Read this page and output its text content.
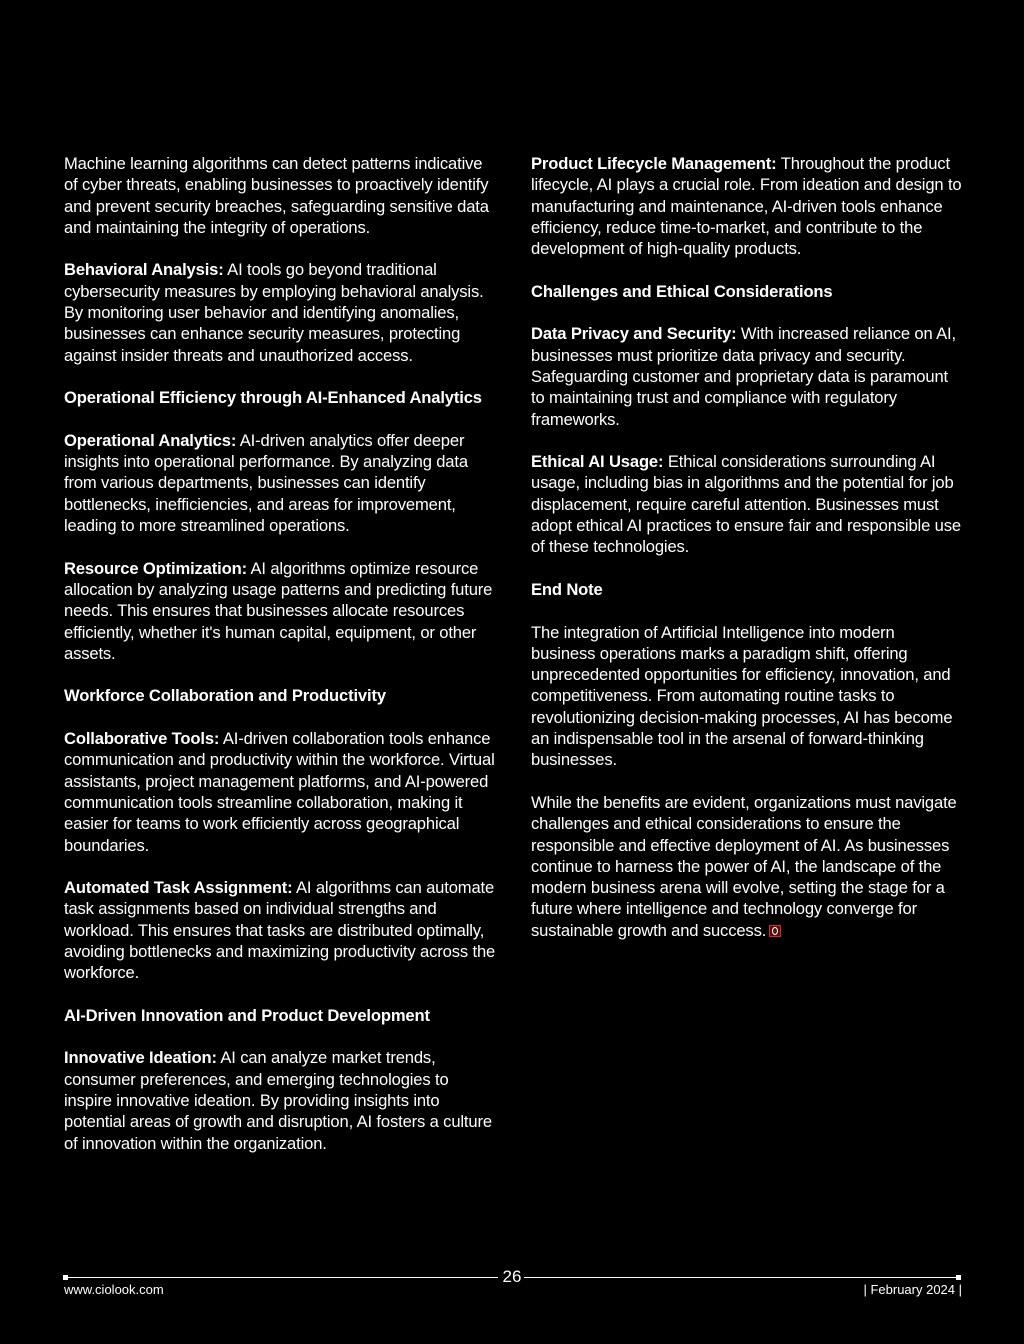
Machine learning algorithms can detect patterns indicative of cyber threats, enabling businesses to proactively identify and prevent security breaches, safeguarding sensitive data and maintaining the integrity of operations.

Behavioral Analysis: AI tools go beyond traditional cybersecurity measures by employing behavioral analysis. By monitoring user behavior and identifying anomalies, businesses can enhance security measures, protecting against insider threats and unauthorized access.

Operational Efficiency through AI-Enhanced Analytics

Operational Analytics: AI-driven analytics offer deeper insights into operational performance. By analyzing data from various departments, businesses can identify bottlenecks, inefficiencies, and areas for improvement, leading to more streamlined operations.

Resource Optimization: AI algorithms optimize resource allocation by analyzing usage patterns and predicting future needs. This ensures that businesses allocate resources efficiently, whether it's human capital, equipment, or other assets.

Workforce Collaboration and Productivity

Collaborative Tools: AI-driven collaboration tools enhance communication and productivity within the workforce. Virtual assistants, project management platforms, and AI-powered communication tools streamline collaboration, making it easier for teams to work efficiently across geographical boundaries.

Automated Task Assignment: AI algorithms can automate task assignments based on individual strengths and workload. This ensures that tasks are distributed optimally, avoiding bottlenecks and maximizing productivity across the workforce.

AI-Driven Innovation and Product Development

Innovative Ideation: AI can analyze market trends, consumer preferences, and emerging technologies to inspire innovative ideation. By providing insights into potential areas of growth and disruption, AI fosters a culture of innovation within the organization.

Product Lifecycle Management: Throughout the product lifecycle, AI plays a crucial role. From ideation and design to manufacturing and maintenance, AI-driven tools enhance efficiency, reduce time-to-market, and contribute to the development of high-quality products.

Challenges and Ethical Considerations

Data Privacy and Security: With increased reliance on AI, businesses must prioritize data privacy and security. Safeguarding customer and proprietary data is paramount to maintaining trust and compliance with regulatory frameworks.

Ethical AI Usage: Ethical considerations surrounding AI usage, including bias in algorithms and the potential for job displacement, require careful attention. Businesses must adopt ethical AI practices to ensure fair and responsible use of these technologies.

End Note

The integration of Artificial Intelligence into modern business operations marks a paradigm shift, offering unprecedented opportunities for efficiency, innovation, and competitiveness. From automating routine tasks to revolutionizing decision-making processes, AI has become an indispensable tool in the arsenal of forward-thinking businesses.

While the benefits are evident, organizations must navigate challenges and ethical considerations to ensure the responsible and effective deployment of AI. As businesses continue to harness the power of AI, the landscape of the modern business arena will evolve, setting the stage for a future where intelligence and technology converge for sustainable growth and success.

26
www.ciolook.com	| February 2024 |
